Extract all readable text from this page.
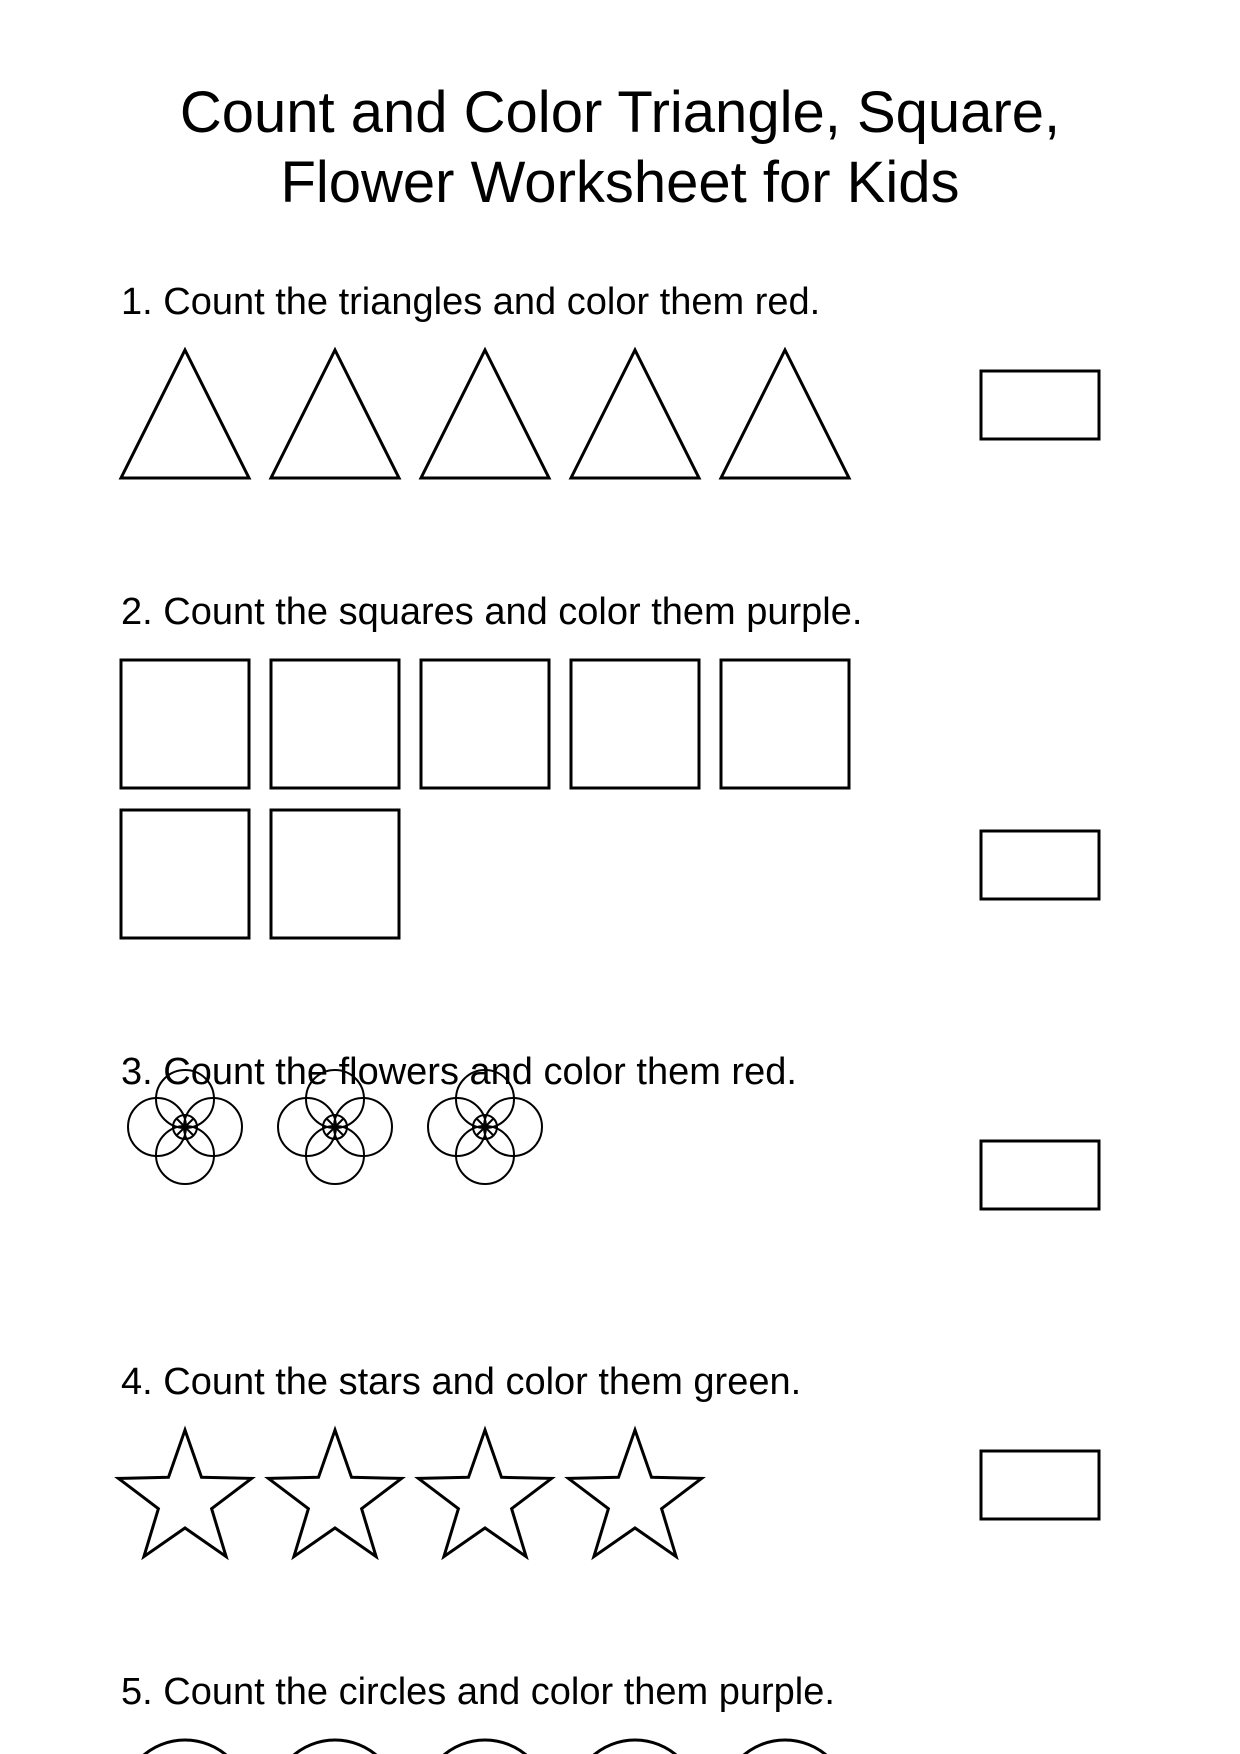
Count and Color Triangle, Square,
Flower Worksheet for Kids

1. Count the triangles and color them red.

2. Count the squares and color them purple.

3. Count the flowers and color them red.

4. Count the stars and color them green.

5. Count the circles and color them purple.
